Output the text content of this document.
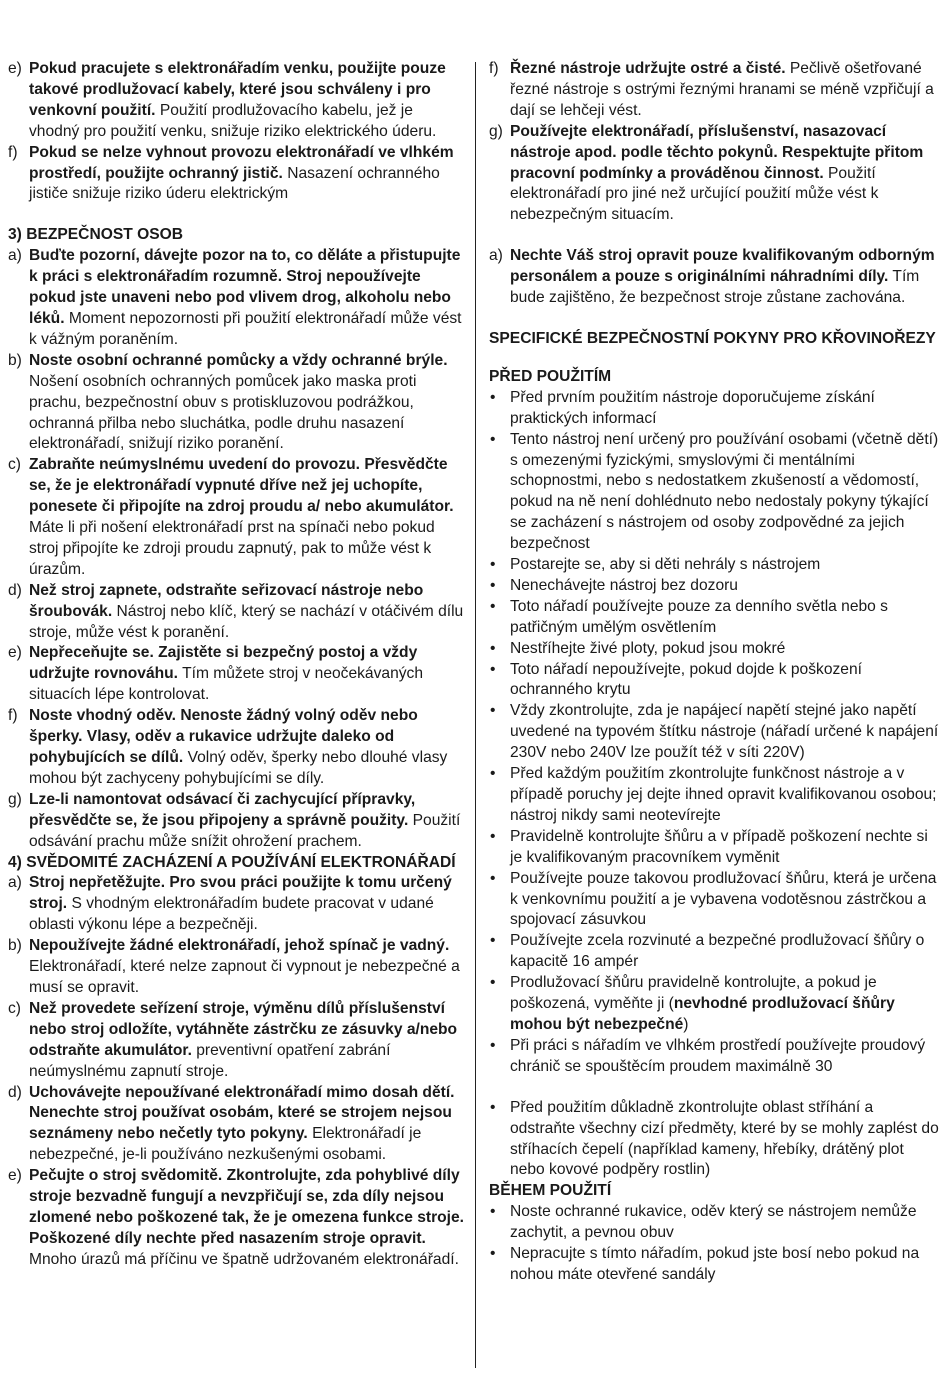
e) Pokud pracujete s elektronářadím venku, použijte pouze takové prodlužovací kabely, které jsou schváleny i pro venkovní použití. Použití prodlužovacího kabelu, jež je vhodný pro použití venku, snižuje riziko elektrického úderu.
f) Pokud se nelze vyhnout provozu elektronářadí ve vlhkém prostředí, použijte ochranný jistič. Nasazení ochranného jističe snižuje riziko úderu elektrickým
3) BEZPEČNOST OSOB
a) Buďte pozorní, dávejte pozor na to, co děláte a přistupujte k práci s elektronářadím rozumně. Stroj nepoužívejte pokud jste unaveni nebo pod vlivem drog, alkoholu nebo léků. Moment nepozornosti při použití elektronářadí může vést k vážným poraněním.
b) Noste osobní ochranné pomůcky a vždy ochranné brýle. Nošení osobních ochranných pomůcek jako maska proti prachu, bezpečnostní obuv s protiskluzovou podrážkou, ochranná přilba nebo sluchátka, podle druhu nasazení elektronářadí, snižují riziko poranění.
c) Zabraňte neúmyslnému uvedení do provozu. Přesvědčte se, že je elektronářadí vypnuté dříve než jej uchopíte, ponesete či připojíte na zdroj proudu a/ nebo akumulátor. Máte li při nošení elektronářadí prst na spínači nebo pokud stroj připojíte ke zdroji proudu zapnutý, pak to může vést k úrazům.
d) Než stroj zapnete, odstraňte seřizovací nástroje nebo šroubovák. Nástroj nebo klíč, který se nachází v otáčivém dílu stroje, může vést k poranění.
e) Nepřeceňujte se. Zajistěte si bezpečný postoj a vždy udržujte rovnováhu. Tím můžete stroj v neočekávaných situacích lépe kontrolovat.
f) Noste vhodný oděv. Nenoste žádný volný oděv nebo šperky. Vlasy, oděv a rukavice udržujte daleko od pohybujících se dílů. Volný oděv, šperky nebo dlouhé vlasy mohou být zachyceny pohybujícími se díly.
g) Lze-li namontovat odsávací či zachycující přípravky, přesvědčte se, že jsou připojeny a správně použity. Použití odsávání prachu může snížit ohrožení prachem.
4) SVĚDOMITÉ ZACHÁZENÍ A POUŽÍVÁNÍ ELEKTRONÁŘADÍ
a) Stroj nepřetěžujte. Pro svou práci použijte k tomu určený stroj. S vhodným elektronářadím budete pracovat v udané oblasti výkonu lépe a bezpečněji.
b) Nepoužívejte žádné elektronářadí, jehož spínač je vadný. Elektronářadí, které nelze zapnout či vypnout je nebezpečné a musí se opravit.
c) Než provedete seřízení stroje, výměnu dílů příslušenství nebo stroj odložíte, vytáhněte zástrčku ze zásuvky a/nebo odstraňte akumulátor. preventivní opatření zabrání neúmyslnému zapnutí stroje.
d) Uchovávejte nepoužívané elektronářadí mimo dosah dětí. Nenechte stroj používat osobám, které se strojem nejsou seznámeny nebo nečetly tyto pokyny. Elektronářadí je nebezpečné, je-li používáno nezkušenými osobami.
e) Pečujte o stroj svědomitě. Zkontrolujte, zda pohyblivé díly stroje bezvadně fungují a nevzpřičují se, zda díly nejsou zlomené nebo poškozené tak, že je omezena funkce stroje. Poškozené díly nechte před nasazením stroje opravit. Mnoho úrazů má příčinu ve špatně udržovaném elektronářadí.
f) Řezné nástroje udržujte ostré a čisté. Pečlivě ošetřované řezné nástroje s ostrými řeznými hranami se méně vzpřičují a dají se lehčeji vést.
g) Používejte elektronářadí, příslušenství, nasazovací nástroje apod. podle těchto pokynů. Respektujte přitom pracovní podmínky a prováděnou činnost. Použití elektronářadí pro jiné než určující použití může vést k nebezpečným situacím.
a) Nechte Váš stroj opravit pouze kvalifikovaným odborným personálem a pouze s originálními náhradními díly. Tím bude zajištěno, že bezpečnost stroje zůstane zachována.
SPECIFICKÉ BEZPEČNOSTNÍ POKYNY PRO KŘOVINOŘEZY
PŘED POUŽITÍM
• Před prvním použitím nástroje doporučujeme získání praktických informací
• Tento nástroj není určený pro používání osobami (včetně dětí) s omezenými fyzickými, smyslovými či mentálními schopnostmi, nebo s nedostatkem zkušeností a vědomostí, pokud na ně není dohlédnuto nebo nedostaly pokyny týkající se zacházení s nástrojem od osoby zodpovědné za jejich bezpečnost
• Postarejte se, aby si děti nehrály s nástrojem
• Nenechávejte nástroj bez dozoru
• Toto nářadí používejte pouze za denního světla nebo s patřičným umělým osvětlením
• Nestříhejte živé ploty, pokud jsou mokré
• Toto nářadí nepoužívejte, pokud dojde k poškození ochranného krytu
• Vždy zkontrolujte, zda je napájecí napětí stejné jako napětí uvedené na typovém štítku nástroje (nářadí určené k napájení 230V nebo 240V lze použít též v síti 220V)
• Před každým použitím zkontrolujte funkčnost nástroje a v případě poruchy jej dejte ihned opravit kvalifikovanou osobou; nástroj nikdy sami neotevírejte
• Pravidelně kontrolujte šňůru a v případě poškození nechte si je kvalifikovaným pracovníkem vyměnit
• Používejte pouze takovou prodlužovací šňůru, která je určena k venkovnímu použití a je vybavena vodotěsnou zástrčkou a spojovací zásuvkou
• Používejte zcela rozvinuté a bezpečné prodlužovací šňůry o kapacitě 16 ampér
• Prodlužovací šňůru pravidelně kontrolujte, a pokud je poškozená, vyměňte ji (nevhodné prodlužovací šňůry mohou být nebezpečné)
• Při práci s nářadím ve vlhkém prostředí používejte proudový chránič se spouštěcím proudem maximálně 30
• Před použitím důkladně zkontrolujte oblast stříhání a odstraňte všechny cizí předměty, které by se mohly zaplést do stříhacích čepelí (například kameny, hřebíky, drátěný plot nebo kovové podpěry rostlin)
BĚHEM POUŽITÍ
• Noste ochranné rukavice, oděv který se nástrojem nemůže zachytit, a pevnou obuv
• Nepracujte s tímto nářadím, pokud jste bosí nebo pokud na nohou máte otevřené sandály
